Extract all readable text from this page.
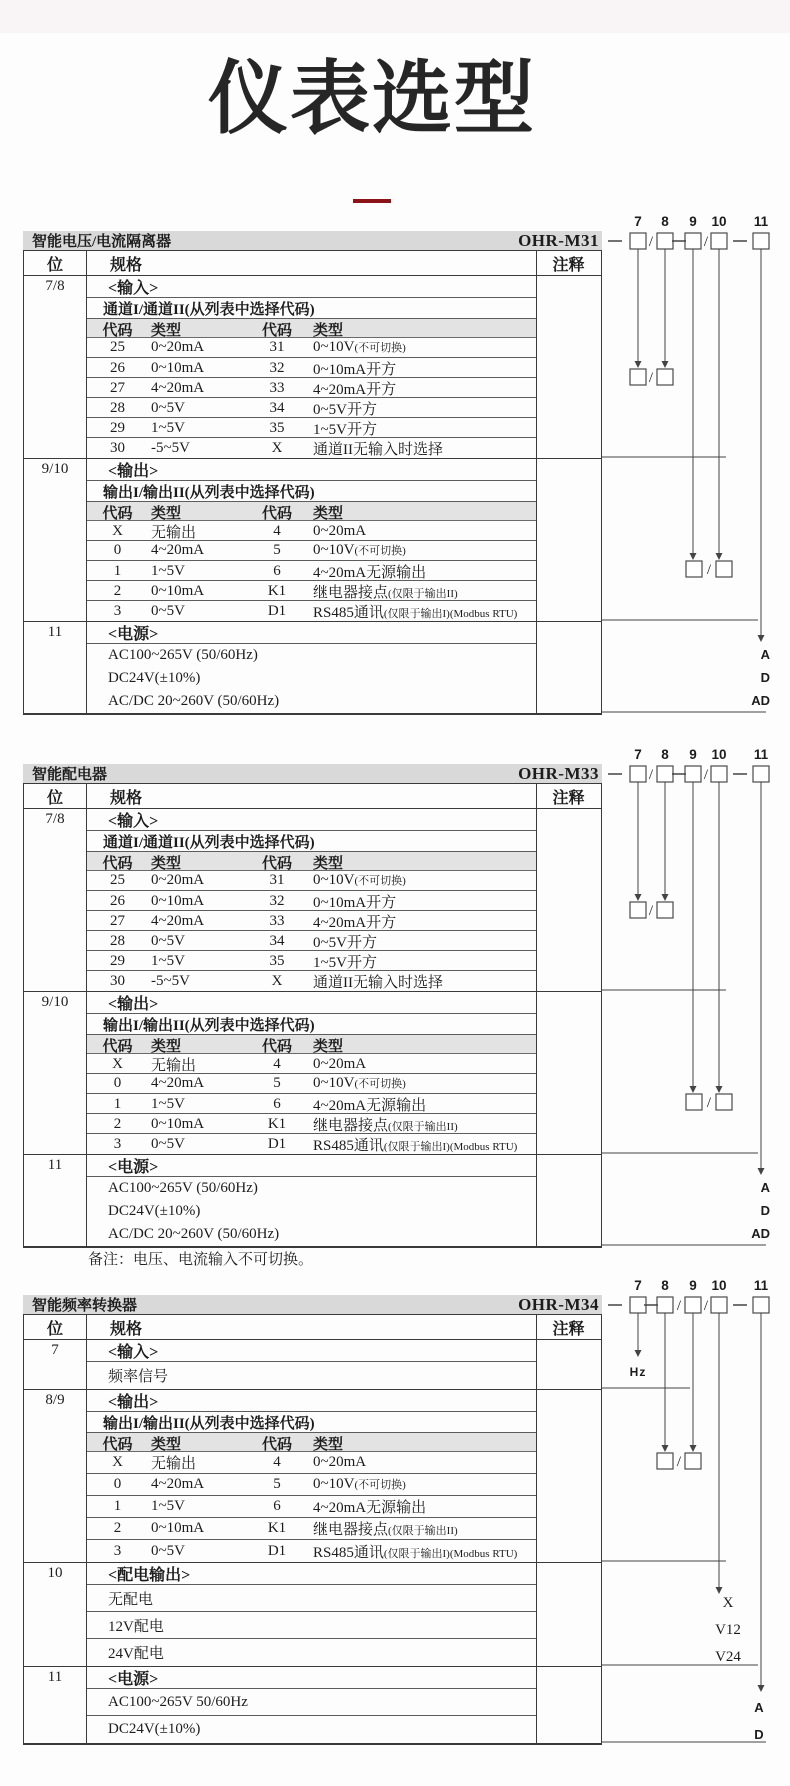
仪表选型
智能电压/电流隔离器	OHR-M31
位	规格	注释
7/8	<输入>
通道I/通道II(从列表中选择代码)
代码	类型	代码	类型
25	0~20mA	31	0~10V(不可切换)
26	0~10mA	32	0~10mA开方
27	4~20mA	33	4~20mA开方
28	0~5V	34	0~5V开方
29	1~5V	35	1~5V开方
30	-5~5V	X	通道II无输入时选择
9/10	<输出>
输出I/输出II(从列表中选择代码)
代码	类型	代码	类型
X	无输出	4	0~20mA
0	4~20mA	5	0~10V(不可切换)
1	1~5V	6	4~20mA无源输出
2	0~10mA	K1	继电器接点(仅限于输出II)
3	0~5V	D1	RS485通讯(仅限于输出I)(Modbus RTU)
11	<电源>
AC100~265V (50/60Hz)
DC24V(±10%)
AC/DC 20~260V (50/60Hz)
智能配电器	OHR-M33
位	规格	注释
7/8	<输入>
通道I/通道II(从列表中选择代码)
代码	类型	代码	类型
25	0~20mA	31	0~10V(不可切换)
26	0~10mA	32	0~10mA开方
27	4~20mA	33	4~20mA开方
28	0~5V	34	0~5V开方
29	1~5V	35	1~5V开方
30	-5~5V	X	通道II无输入时选择
9/10	<输出>
输出I/输出II(从列表中选择代码)
代码	类型	代码	类型
X	无输出	4	0~20mA
0	4~20mA	5	0~10V(不可切换)
1	1~5V	6	4~20mA无源输出
2	0~10mA	K1	继电器接点(仅限于输出II)
3	0~5V	D1	RS485通讯(仅限于输出I)(Modbus RTU)
11	<电源>
AC100~265V (50/60Hz)
DC24V(±10%)
AC/DC 20~260V (50/60Hz)
智能频率转换器	OHR-M34
位	规格	注释
7	<输入>
频率信号
8/9	<输出>
输出I/输出II(从列表中选择代码)
代码	类型	代码	类型
X	无输出	4	0~20mA
0	4~20mA	5	0~10V(不可切换)
1	1~5V	6	4~20mA无源输出
2	0~10mA	K1	继电器接点(仅限于输出II)
3	0~5V	D1	RS485通讯(仅限于输出I)(Modbus RTU)
10	<配电输出>
无配电
12V配电
24V配电
11	<电源>
AC100~265V 50/60Hz
DC24V(±10%)
备注：电压、电流输入不可切换。
7 8 9 10 11
/	/
/
/
A
D
AD
7 8 9 10 11
/	/
/
/
A
D
AD
7 8 9 10 11
/ /
Hz
/
X
V12
V24
A
D
